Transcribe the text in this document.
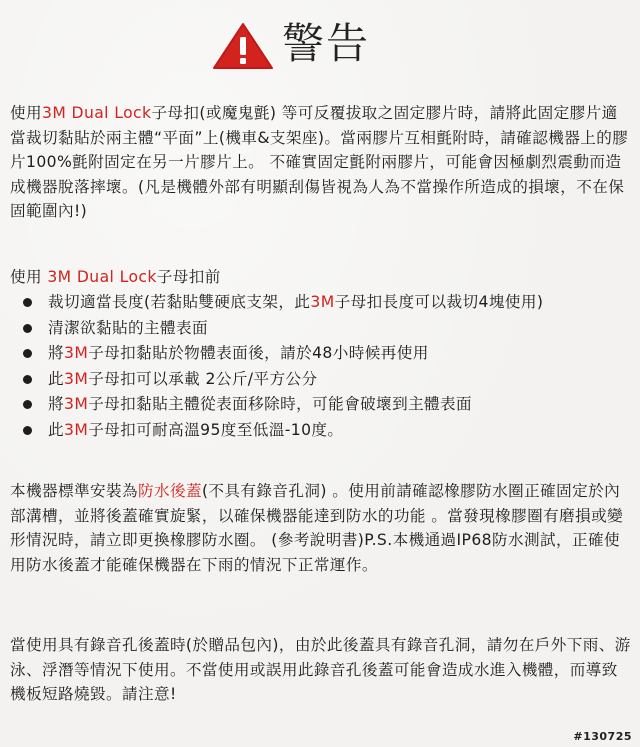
警告

使用3M Dual Lock子母扣(或魔鬼氈) 等可反覆拔取之固定膠片時，請將此固定膠片適當裁切黏貼於兩主體“平面”上(機車&支架座)。當兩膠片互相氈附時，請確認機器上的膠片100%氈附固定在另一片膠片上。 不確實固定氈附兩膠片，可能會因極劇烈震動而造成機器脫落摔壞。(凡是機體外部有明顯刮傷皆視為人為不當操作所造成的損壞，不在保固範圍內!)

使用 3M Dual Lock子母扣前
裁切適當長度(若黏貼雙硬底支架，此3M子母扣長度可以裁切4塊使用)
清潔欲黏貼的主體表面
將3M子母扣黏貼於物體表面後，請於48小時候再使用
此3M子母扣可以承載 2公斤/平方公分
將3M子母扣黏貼主體從表面移除時，可能會破壞到主體表面
此3M子母扣可耐高溫95度至低溫-10度。

本機器標準安裝為防水後蓋(不具有錄音孔洞) 。使用前請確認橡膠防水圈正確固定於內部溝槽，並將後蓋確實旋緊，以確保機器能達到防水的功能 。當發現橡膠圈有磨損或變形情況時，請立即更換橡膠防水圈。 (參考說明書)P.S.本機通過IP68防水測試，正確使用防水後蓋才能確保機器在下雨的情況下正常運作。

當使用具有錄音孔後蓋時(於贈品包內)，由於此後蓋具有錄音孔洞，請勿在戶外下雨、游泳、浮潛等情況下使用。不當使用或誤用此錄音孔後蓋可能會造成水進入機體，而導致機板短路燒毀。請注意!

#130725
